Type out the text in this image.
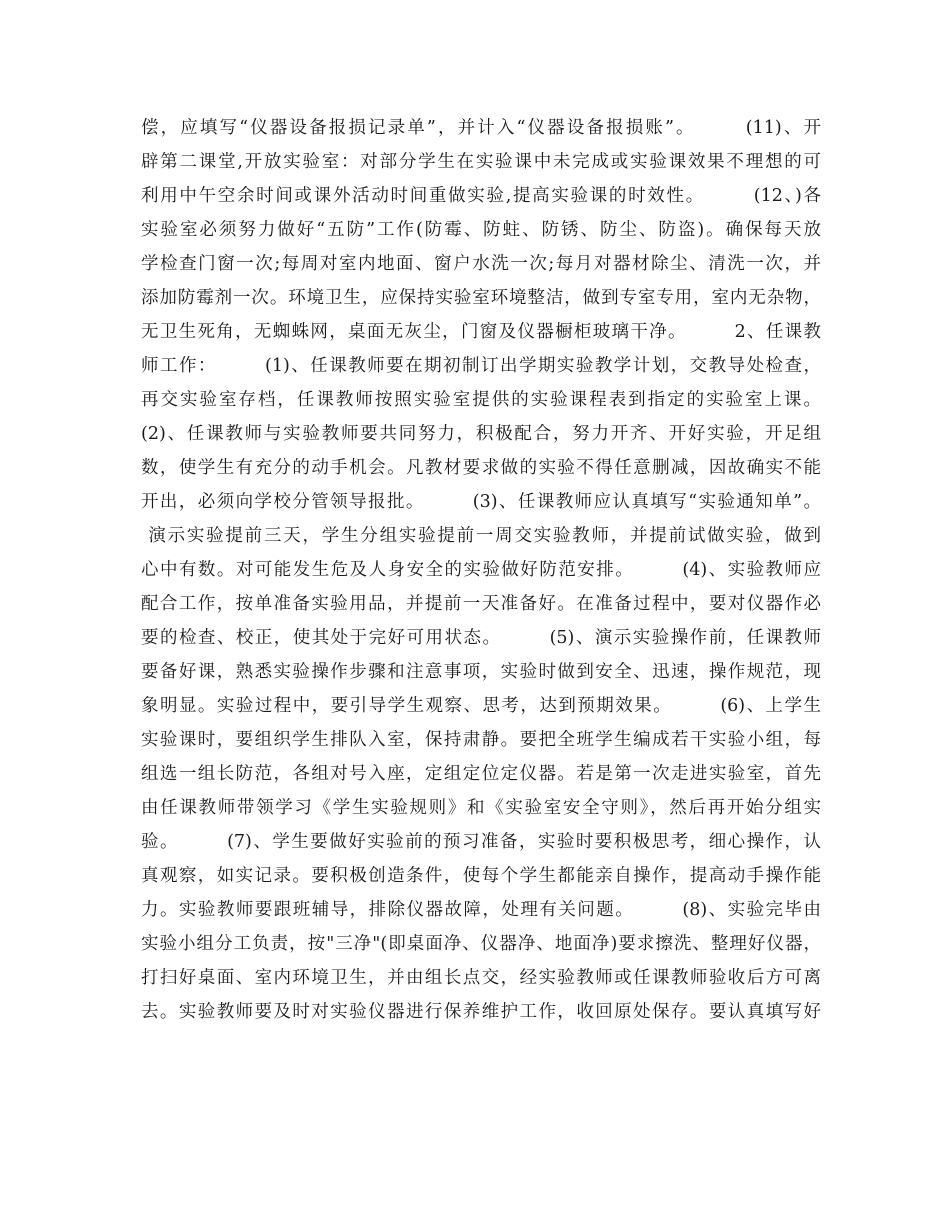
偿，应填写“仪器设备报损记录单”，并计入“仪器设备报损账”。　　　(11)、开
辟第二课堂,开放实验室：对部分学生在实验课中未完成或实验课效果不理想的可
利用中午空余时间或课外活动时间重做实验,提高实验课的时效性。　　　(12、)各
实验室必须努力做好“五防”工作(防霉、防蛀、防锈、防尘、防盗)。确保每天放
学检查门窗一次;每周对室内地面、窗户水洗一次;每月对器材除尘、清洗一次，并
添加防霉剂一次。环境卫生，应保持实验室环境整洁，做到专室专用，室内无杂物，
无卫生死角，无蜘蛛网，桌面无灰尘，门窗及仪器橱柜玻璃干净。　　　2、任课教
师工作：　　　(1)、任课教师要在期初制订出学期实验教学计划，交教导处检查，
再交实验室存档，任课教师按照实验室提供的实验课程表到指定的实验室上课。
(2)、任课教师与实验教师要共同努力，积极配合，努力开齐、开好实验，开足组
数，使学生有充分的动手机会。凡教材要求做的实验不得任意删减，因故确实不能
开出，必须向学校分管领导报批。　　　(3)、任课教师应认真填写“实验通知单”。
演示实验提前三天，学生分组实验提前一周交实验教师，并提前试做实验，做到
心中有数。对可能发生危及人身安全的实验做好防范安排。　　　(4)、实验教师应
配合工作，按单准备实验用品，并提前一天准备好。在准备过程中，要对仪器作必
要的检查、校正，使其处于完好可用状态。　　　(5)、演示实验操作前，任课教师
要备好课，熟悉实验操作步骤和注意事项，实验时做到安全、迅速，操作规范，现
象明显。实验过程中，要引导学生观察、思考，达到预期效果。　　　(6)、上学生
实验课时，要组织学生排队入室，保持肃静。要把全班学生编成若干实验小组，每
组选一组长防范，各组对号入座，定组定位定仪器。若是第一次走进实验室，首先
由任课教师带领学习《学生实验规则》和《实验室安全守则》，然后再开始分组实
验。　　　(7)、学生要做好实验前的预习准备，实验时要积极思考，细心操作，认
真观察，如实记录。要积极创造条件，使每个学生都能亲自操作，提高动手操作能
力。实验教师要跟班辅导，排除仪器故障，处理有关问题。　　　(8)、实验完毕由
实验小组分工负责，按"三净"(即桌面净、仪器净、地面净)要求擦洗、整理好仪器，
打扫好桌面、室内环境卫生，并由组长点交，经实验教师或任课教师验收后方可离
去。实验教师要及时对实验仪器进行保养维护工作，收回原处保存。要认真填写好
